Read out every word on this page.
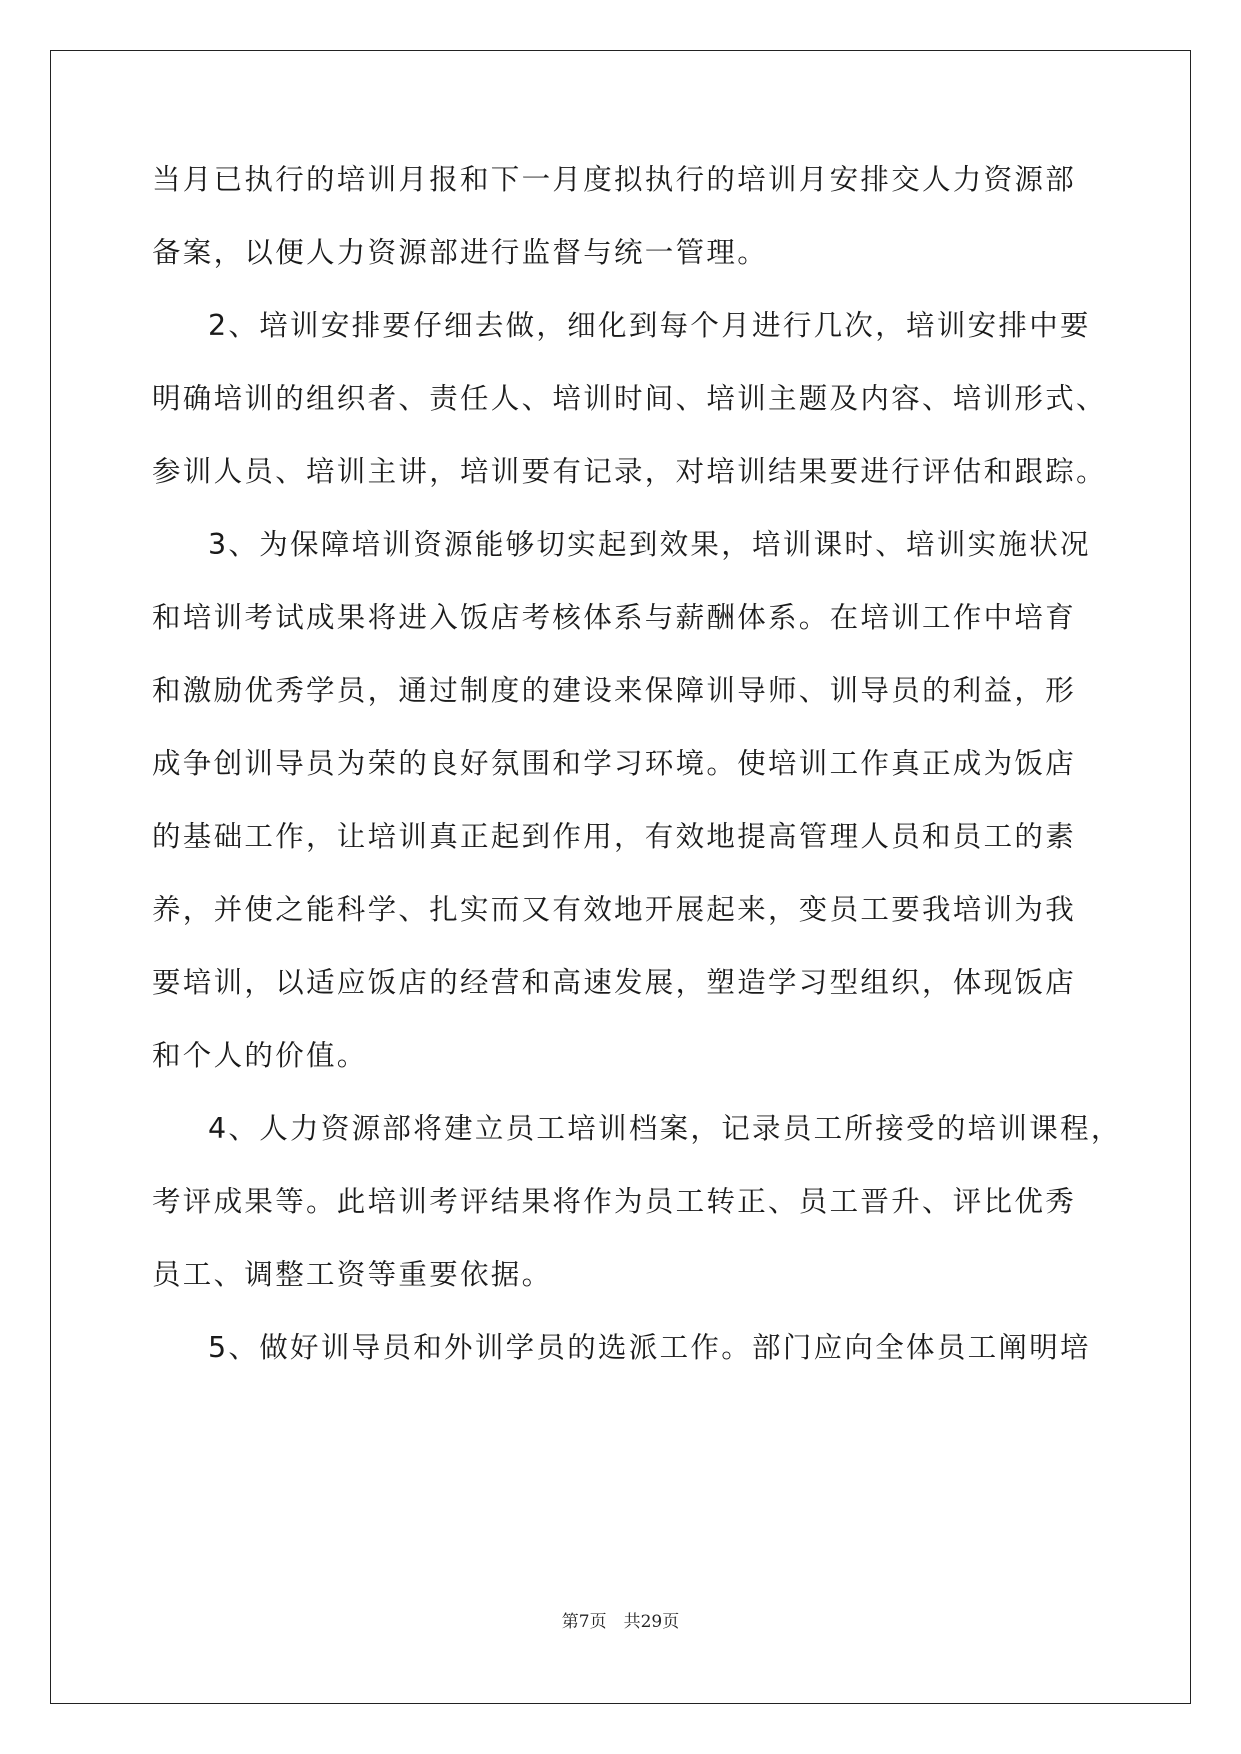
当月已执行的培训月报和下一月度拟执行的培训月安排交人力资源部
备案，以便人力资源部进行监督与统一管理。
2、培训安排要仔细去做，细化到每个月进行几次，培训安排中要
明确培训的组织者、责任人、培训时间、培训主题及内容、培训形式、
参训人员、培训主讲，培训要有记录，对培训结果要进行评估和跟踪。
3、为保障培训资源能够切实起到效果，培训课时、培训实施状况
和培训考试成果将进入饭店考核体系与薪酬体系。在培训工作中培育
和激励优秀学员，通过制度的建设来保障训导师、训导员的利益，形
成争创训导员为荣的良好氛围和学习环境。使培训工作真正成为饭店
的基础工作，让培训真正起到作用，有效地提高管理人员和员工的素
养，并使之能科学、扎实而又有效地开展起来，变员工要我培训为我
要培训，以适应饭店的经营和高速发展，塑造学习型组织，体现饭店
和个人的价值。
4、人力资源部将建立员工培训档案，记录员工所接受的培训课程，
考评成果等。此培训考评结果将作为员工转正、员工晋升、评比优秀
员工、调整工资等重要依据。
5、做好训导员和外训学员的选派工作。部门应向全体员工阐明培
第7页　共29页
